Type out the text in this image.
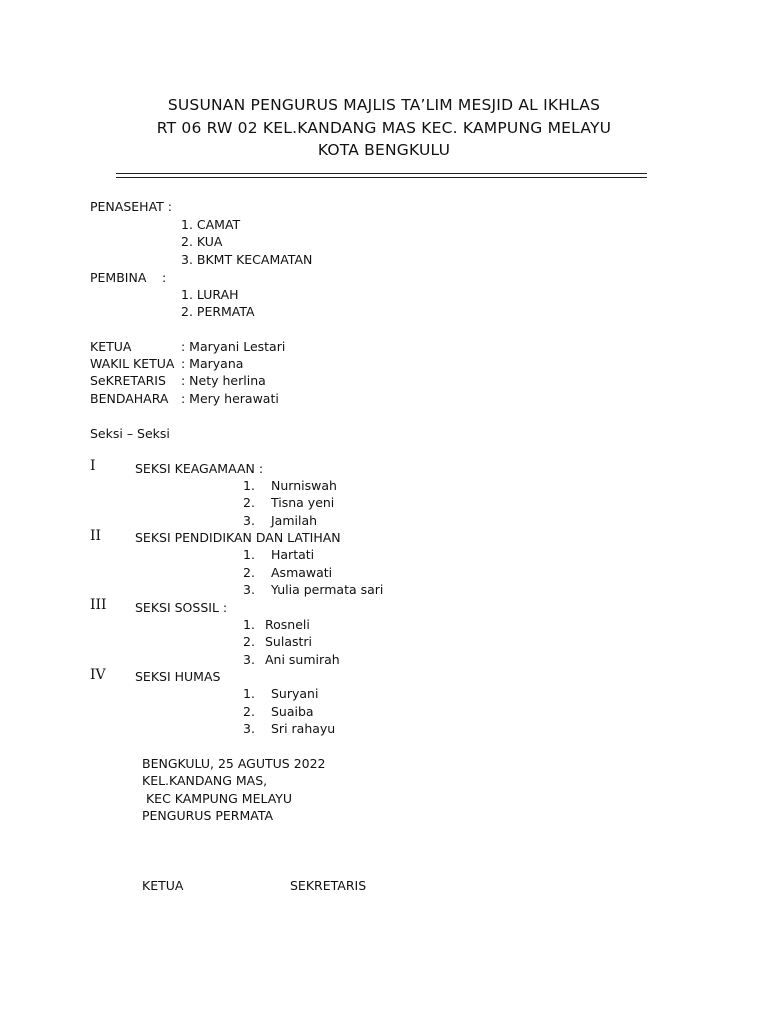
SUSUNAN PENGURUS MAJLIS TA’LIM MESJID AL IKHLAS
RT 06 RW 02 KEL.KANDANG MAS KEC. KAMPUNG MELAYU
KOTA BENGKULU
PENASEHAT :
1. CAMAT
2. KUA
3. BKMT KECAMATAN
PEMBINA :
1. LURAH
2. PERMATA
KETUA	: Maryani Lestari
WAKIL KETUA : Maryana
SeKRETARIS : Nety herlina
BENDAHARA : Mery herawati
Seksi – Seksi
I	SEKSI KEAGAMAAN :
1. Nurniswah
2. Tisna yeni
3. Jamilah
II	SEKSI PENDIDIKAN DAN LATIHAN
1. Hartati
2. Asmawati
3. Yulia permata sari
III SEKSI SOSSIL :
1. Rosneli
2. Sulastri
3. Ani sumirah
IV SEKSI HUMAS
1. Suryani
2. Suaiba
3. Sri rahayu
BENGKULU, 25 AGUTUS 2022
KEL.KANDANG MAS,
KEC KAMPUNG MELAYU
PENGURUS PERMATA
KETUA	SEKRETARIS
